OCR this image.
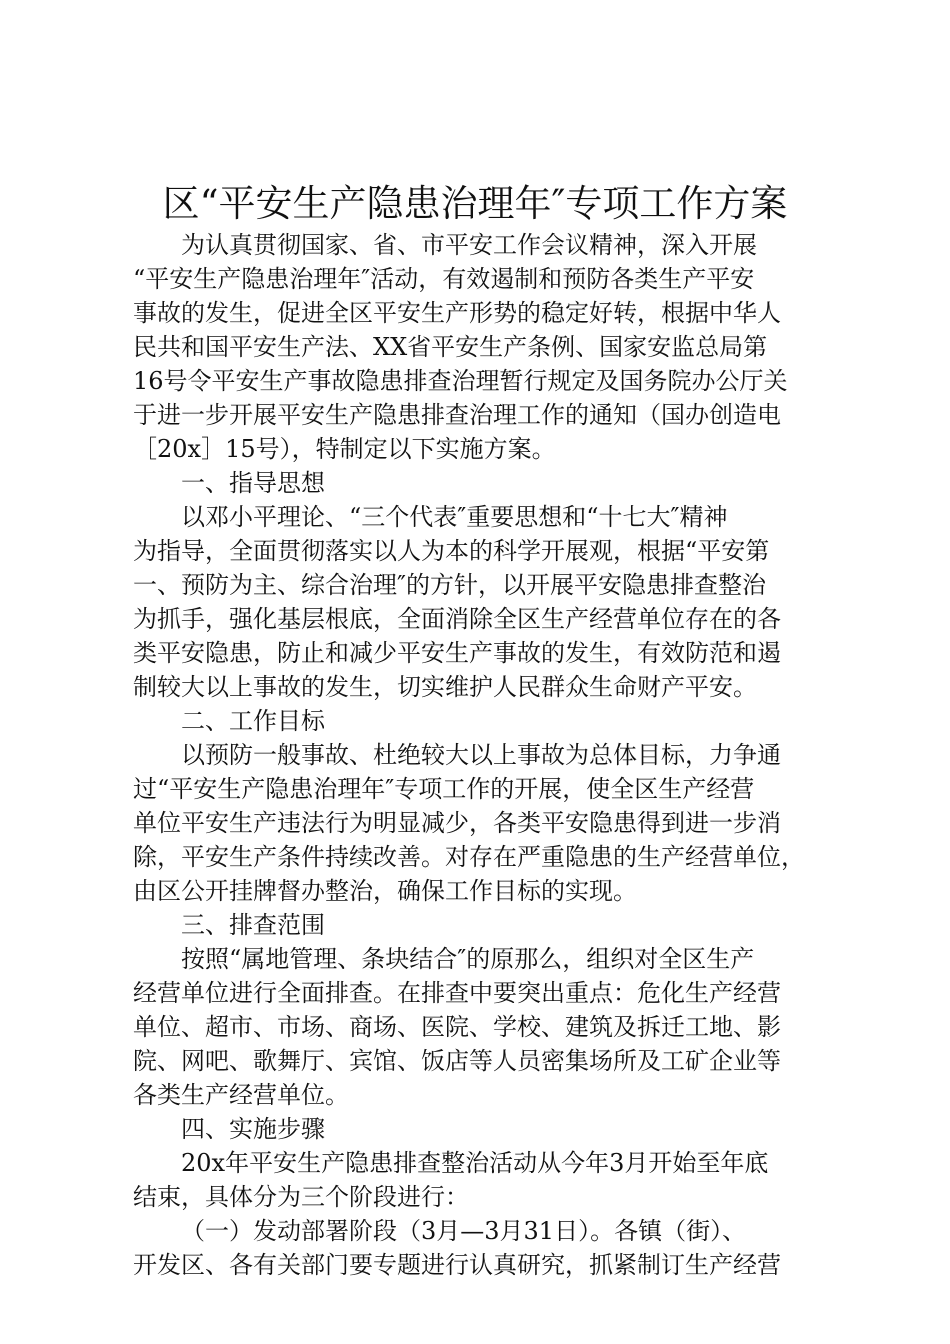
区“平安生产隐患治理年″专项工作方案
为认真贯彻国家、省、市平安工作会议精神，深入开展
“平安生产隐患治理年″活动，有效遏制和预防各类生产平安
事故的发生，促进全区平安生产形势的稳定好转，根据中华人
民共和国平安生产法、XX省平安生产条例、国家安监总局第
16号令平安生产事故隐患排查治理暂行规定及国务院办公厅关
于进一步开展平安生产隐患排查治理工作的通知（国办创造电
［20x］15号），特制定以下实施方案。
一、指导思想
以邓小平理论、“三个代表″重要思想和“十七大″精神
为指导，全面贯彻落实以人为本的科学开展观，根据“平安第
一、预防为主、综合治理″的方针，以开展平安隐患排查整治
为抓手，强化基层根底，全面消除全区生产经营单位存在的各
类平安隐患，防止和减少平安生产事故的发生，有效防范和遏
制较大以上事故的发生，切实维护人民群众生命财产平安。
二、工作目标
以预防一般事故、杜绝较大以上事故为总体目标，力争通
过“平安生产隐患治理年″专项工作的开展，使全区生产经营
单位平安生产违法行为明显减少，各类平安隐患得到进一步消
除，平安生产条件持续改善。对存在严重隐患的生产经营单位，
由区公开挂牌督办整治，确保工作目标的实现。
三、排查范围
按照“属地管理、条块结合″的原那么，组织对全区生产
经营单位进行全面排查。在排查中要突出重点：危化生产经营
单位、超市、市场、商场、医院、学校、建筑及拆迁工地、影
院、网吧、歌舞厅、宾馆、饭店等人员密集场所及工矿企业等
各类生产经营单位。
四、实施步骤
20x年平安生产隐患排查整治活动从今年3月开始至年底
结束，具体分为三个阶段进行：
（一）发动部署阶段（3月—3月31日）。各镇（街）、
开发区、各有关部门要专题进行认真研究，抓紧制订生产经营
